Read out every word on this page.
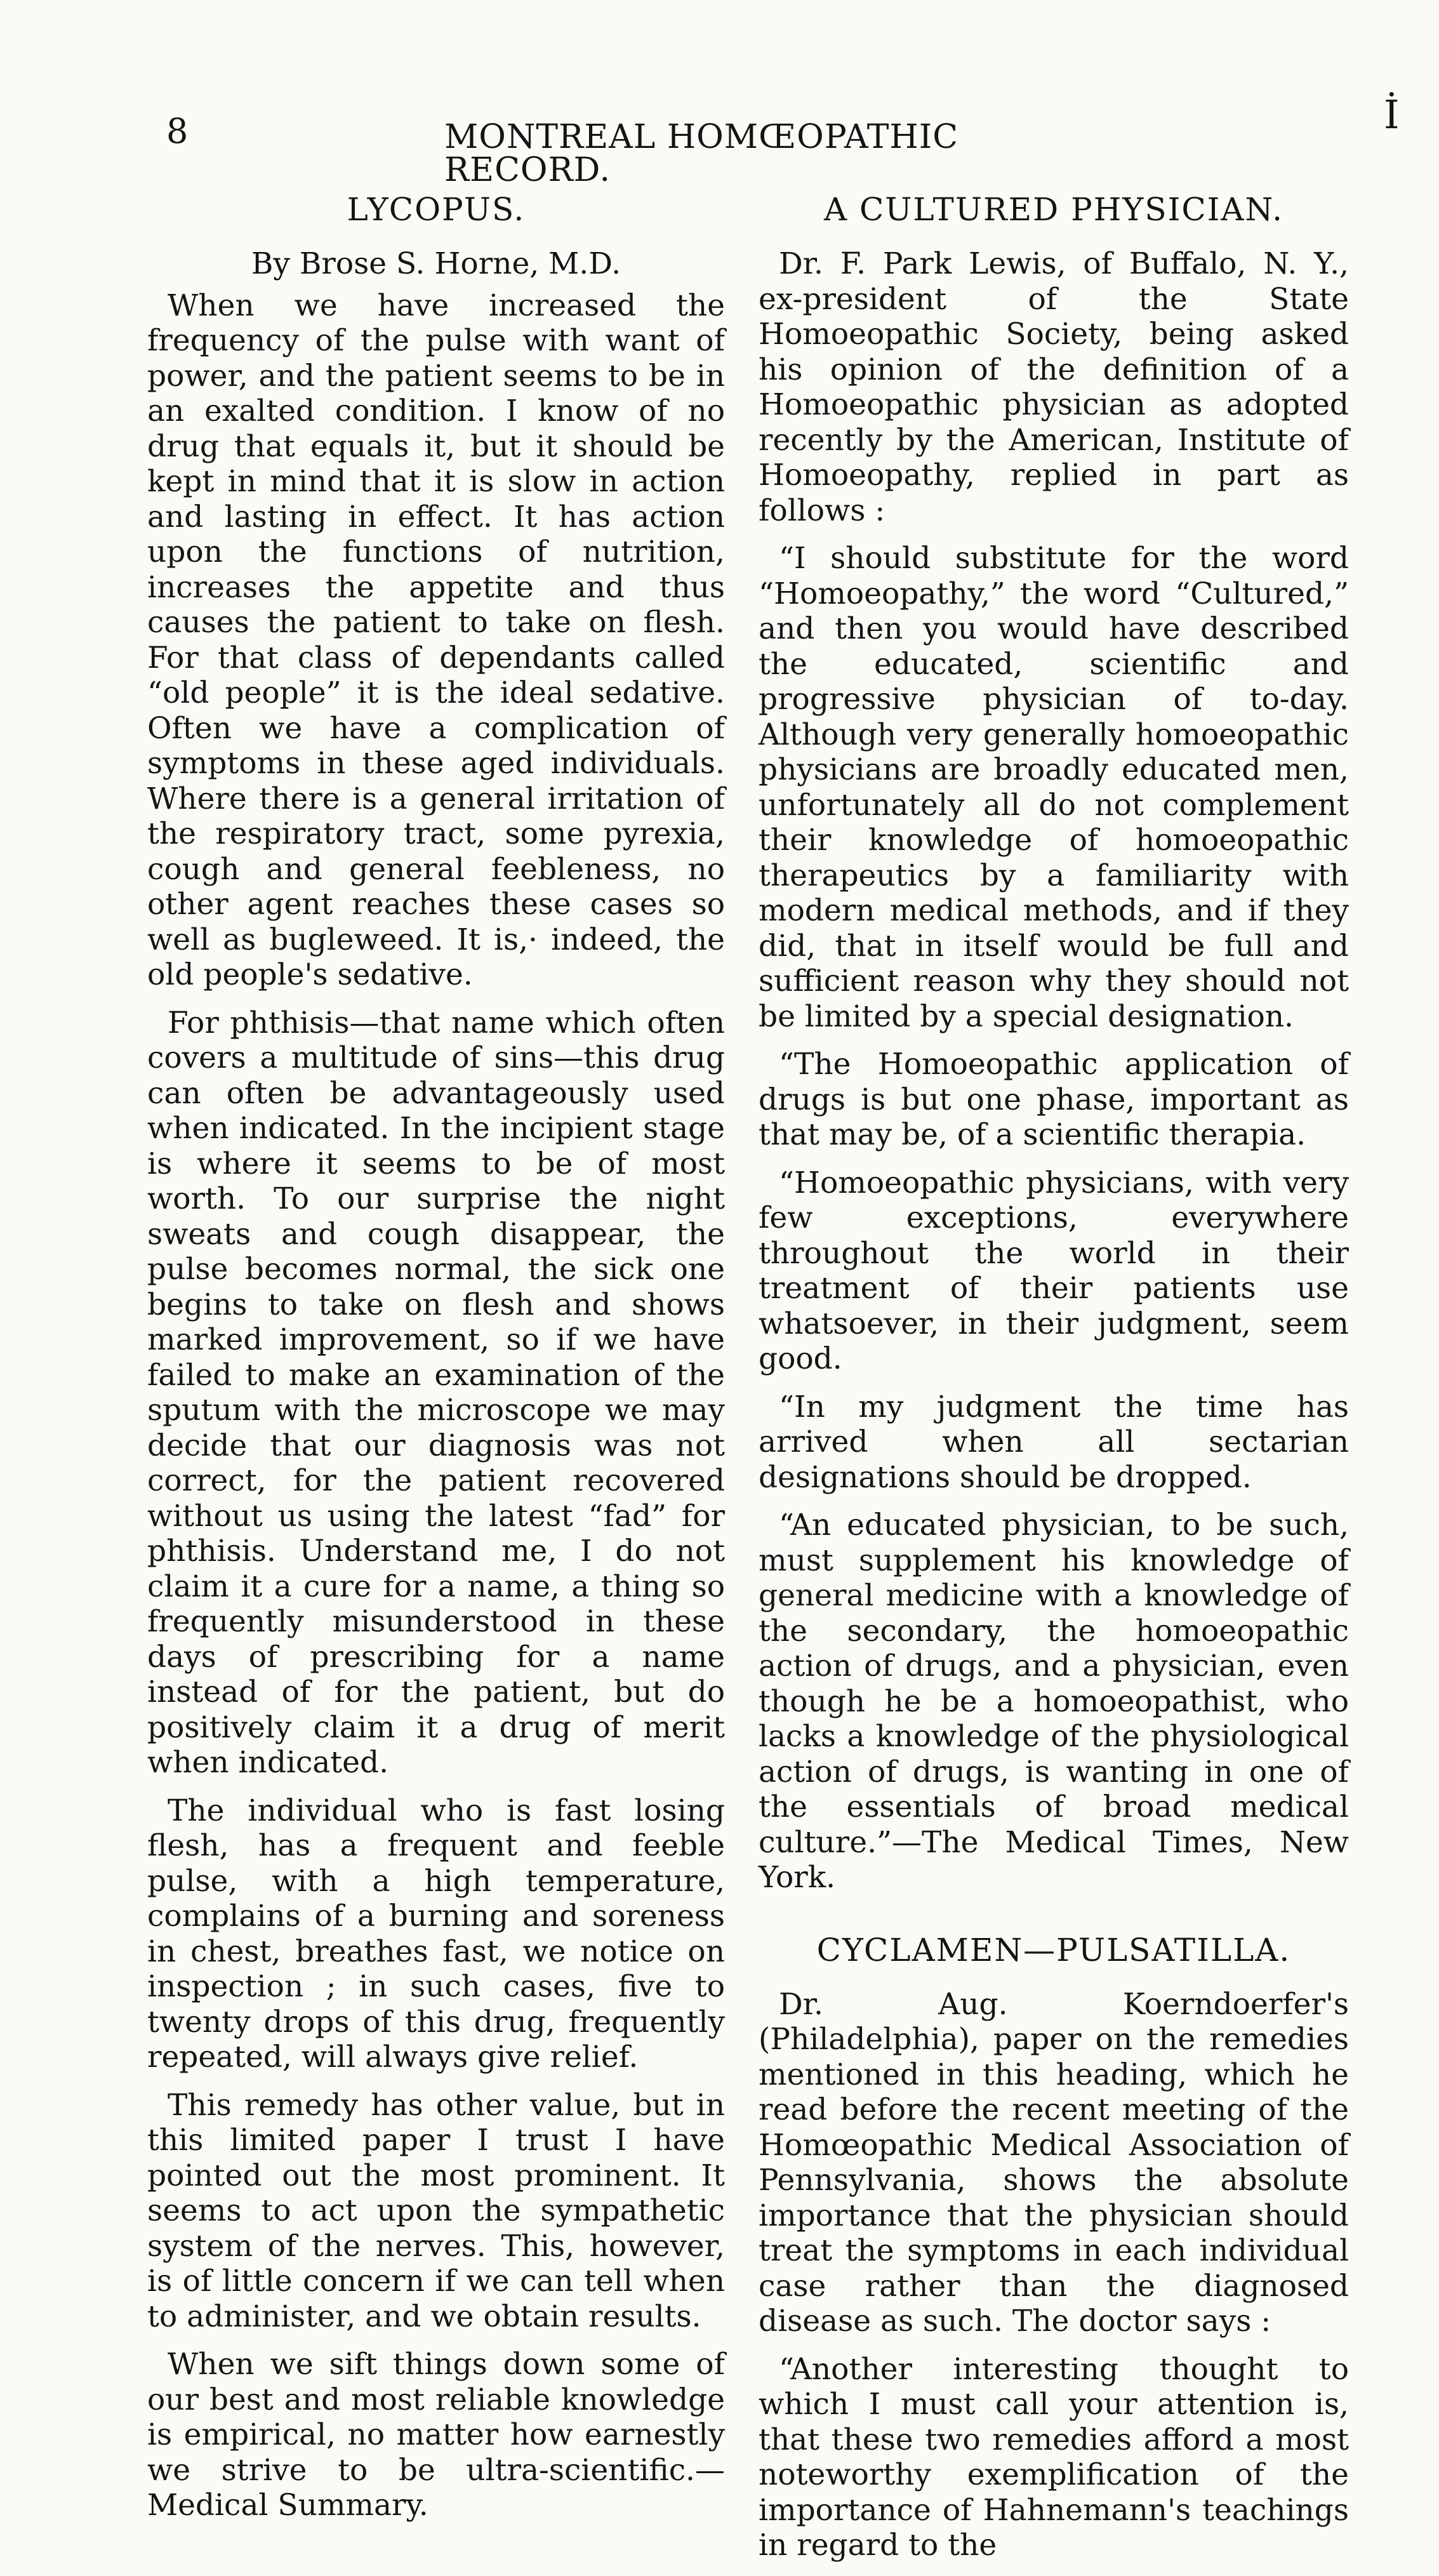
8	MONTREAL HOMŒOPATHIC RECORD.
İ
LYCOPUS.

By Brose S. Horne, M.D.

When we have increased the frequency of the pulse with want of power, and the patient seems to be in an exalted condition. I know of no drug that equals it, but it should be kept in mind that it is slow in action and lasting in effect. It has action upon the functions of nutrition, increases the appetite and thus causes the patient to take on flesh. For that class of dependants called “old people” it is the ideal sedative. Often we have a complication of symptoms in these aged individuals. Where there is a general irritation of the respiratory tract, some pyrexia, cough and general feebleness, no other agent reaches these cases so well as bugleweed. It is,· indeed, the old people's sedative.

For phthisis—that name which often covers a multitude of sins—this drug can often be advantageously used when indicated. In the incipient stage is where it seems to be of most worth. To our surprise the night sweats and cough disappear, the pulse becomes normal, the sick one begins to take on flesh and shows marked improvement, so if we have failed to make an examination of the sputum with the microscope we may decide that our diagnosis was not correct, for the patient recovered without us using the latest “fad” for phthisis. Understand me, I do not claim it a cure for a name, a thing so frequently misunderstood in these days of prescribing for a name instead of for the patient, but do positively claim it a drug of merit when indicated.

The individual who is fast losing flesh, has a frequent and feeble pulse, with a high temperature, complains of a burning and soreness in chest, breathes fast, we notice on inspection ; in such cases, five to twenty drops of this drug, frequently repeated, will always give relief.

This remedy has other value, but in this limited paper I trust I have pointed out the most prominent. It seems to act upon the sympathetic system of the nerves. This, however, is of little concern if we can tell when to administer, and we obtain results.

When we sift things down some of our best and most reliable knowledge is empirical, no matter how earnestly we strive to be ultra-scientific.—Medical Summary.

A CULTURED PHYSICIAN.

Dr. F. Park Lewis, of Buffalo, N. Y., ex-president of the State Homoeopathic Society, being asked his opinion of the definition of a Homoeopathic physician as adopted recently by the American, Institute of Homoeopathy, replied in part as follows :

“I should substitute for the word “Homoeopathy,” the word “Cultured,” and then you would have described the educated, scientific and progressive physician of to-day. Although very generally homoeopathic physicians are broadly educated men, unfortunately all do not complement their knowledge of homoeopathic therapeutics by a familiarity with modern medical methods, and if they did, that in itself would be full and sufficient reason why they should not be limited by a special designation.

“The Homoeopathic application of drugs is but one phase, important as that may be, of a scientific therapia.

“Homoeopathic physicians, with very few exceptions, everywhere throughout the world in their treatment of their patients use whatsoever, in their judgment, seem good.

“In my judgment the time has arrived when all sectarian designations should be dropped.

“An educated physician, to be such, must supplement his knowledge of general medicine with a knowledge of the secondary, the homoeopathic action of drugs, and a physician, even though he be a homoeopathist, who lacks a knowledge of the physiological action of drugs, is wanting in one of the essentials of broad medical culture.”—The Medical Times, New York.

CYCLAMEN—PULSATILLA.

Dr. Aug. Koerndoerfer's (Philadelphia), paper on the remedies mentioned in this heading, which he read before the recent meeting of the Homœopathic Medical Association of Pennsylvania, shows the absolute importance that the physician should treat the symptoms in each individual case rather than the diagnosed disease as such. The doctor says :

“Another interesting thought to which I must call your attention is, that these two remedies afford a most noteworthy exemplification of the importance of Hahnemann's teachings in regard to the
